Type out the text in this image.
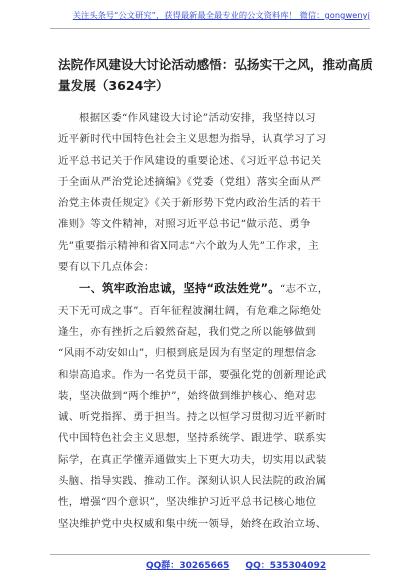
关注头条号“公文研究”，获得最新最全最专业的公文资料库！ 微信：gongwenyj
法院作风建设大讨论活动感悟：弘扬实干之风，推动高质
量发展（3624字）

根据区委“作风建设大讨论”活动安排，我坚持以习
近平新时代中国特色社会主义思想为指导，认真学习了习
近平总书记关于作风建设的重要论述、《习近平总书记关
于全面从严治党论述摘编》《党委（党组）落实全面从严
治党主体责任规定》《关于新形势下党内政治生活的若干
准则》等文件精神，对照习近平总书记“做示范、勇争
先”重要指示精神和省X同志“六个敢为人先”工作求，主
要有以下几点体会：

一、筑牢政治忠诚，坚持“政法姓党”。“志不立，
天下无可成之事”。百年征程波澜壮阔，有危难之际绝处
逢生，亦有挫折之后毅然奋起，我们党之所以能够做到
“风雨不动安如山”，归根到底是因为有坚定的理想信念
和崇高追求。作为一名党员干部，要强化党的创新理论武
装，坚决做到“两个维护”，始终做到维护核心、绝对忠
诚、听党指挥、勇于担当。持之以恒学习贯彻习近平新时
代中国特色社会主义思想，坚持系统学、跟进学、联系实
际学，在真正学懂弄通做实上下更大功夫，切实用以武装
头脑、指导实践、推动工作。深刻认识人民法院的政治属
性，增强“四个意识”，坚决维护习近平总书记核心地位
坚决维护党中央权威和集中统一领导，始终在政治立场、

QQ群：30265665 QQ：535304092
